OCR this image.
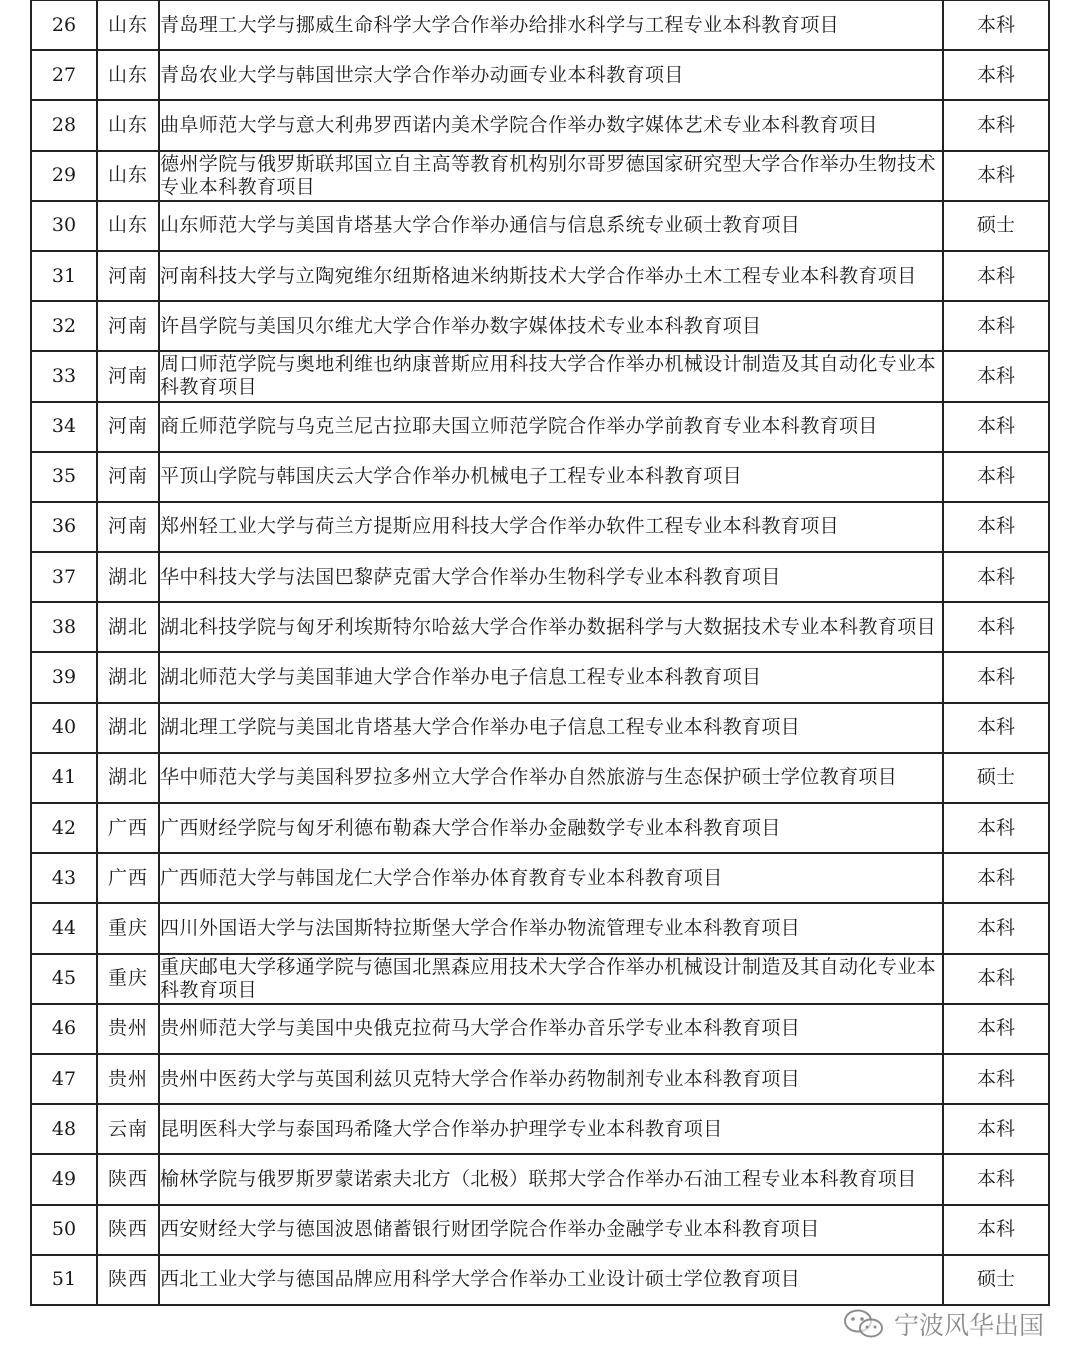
26	山东	青岛理工大学与挪威生命科学大学合作举办给排水科学与工程专业本科教育项目	本科
27	山东	青岛农业大学与韩国世宗大学合作举办动画专业本科教育项目	本科
28	山东	曲阜师范大学与意大利弗罗西诺内美术学院合作举办数字媒体艺术专业本科教育项目	本科
29	山东	德州学院与俄罗斯联邦国立自主高等教育机构别尔哥罗德国家研究型大学合作举办生物技术专业本科教育项目	本科
30	山东	山东师范大学与美国肯塔基大学合作举办通信与信息系统专业硕士教育项目	硕士
31	河南	河南科技大学与立陶宛维尔纽斯格迪米纳斯技术大学合作举办土木工程专业本科教育项目	本科
32	河南	许昌学院与美国贝尔维尤大学合作举办数字媒体技术专业本科教育项目	本科
33	河南	周口师范学院与奥地利维也纳康普斯应用科技大学合作举办机械设计制造及其自动化专业本科教育项目	本科
34	河南	商丘师范学院与乌克兰尼古拉耶夫国立师范学院合作举办学前教育专业本科教育项目	本科
35	河南	平顶山学院与韩国庆云大学合作举办机械电子工程专业本科教育项目	本科
36	河南	郑州轻工业大学与荷兰方提斯应用科技大学合作举办软件工程专业本科教育项目	本科
37	湖北	华中科技大学与法国巴黎萨克雷大学合作举办生物科学专业本科教育项目	本科
38	湖北	湖北科技学院与匈牙利埃斯特尔哈兹大学合作举办数据科学与大数据技术专业本科教育项目	本科
39	湖北	湖北师范大学与美国菲迪大学合作举办电子信息工程专业本科教育项目	本科
40	湖北	湖北理工学院与美国北肯塔基大学合作举办电子信息工程专业本科教育项目	本科
41	湖北	华中师范大学与美国科罗拉多州立大学合作举办自然旅游与生态保护硕士学位教育项目	硕士
42	广西	广西财经学院与匈牙利德布勒森大学合作举办金融数学专业本科教育项目	本科
43	广西	广西师范大学与韩国龙仁大学合作举办体育教育专业本科教育项目	本科
44	重庆	四川外国语大学与法国斯特拉斯堡大学合作举办物流管理专业本科教育项目	本科
45	重庆	重庆邮电大学移通学院与德国北黑森应用技术大学合作举办机械设计制造及其自动化专业本科教育项目	本科
46	贵州	贵州师范大学与美国中央俄克拉荷马大学合作举办音乐学专业本科教育项目	本科
47	贵州	贵州中医药大学与英国利兹贝克特大学合作举办药物制剂专业本科教育项目	本科
48	云南	昆明医科大学与泰国玛希隆大学合作举办护理学专业本科教育项目	本科
49	陕西	榆林学院与俄罗斯罗蒙诺索夫北方（北极）联邦大学合作举办石油工程专业本科教育项目	本科
50	陕西	西安财经大学与德国波恩储蓄银行财团学院合作举办金融学专业本科教育项目	本科
51	陕西	西北工业大学与德国品牌应用科学大学合作举办工业设计硕士学位教育项目	硕士
宁波风华出国
